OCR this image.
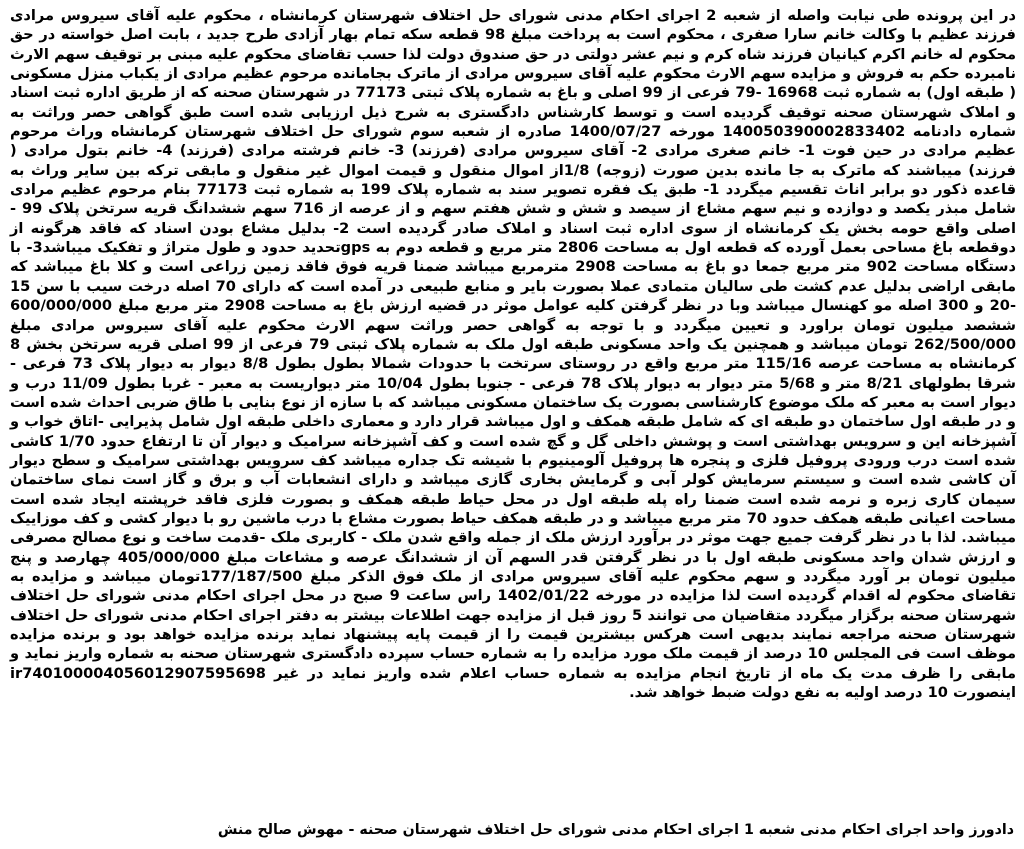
در این پرونده طی نیابت واصله از شعبه 2 اجرای احکام مدنی شورای حل اختلاف شهرستان کرمانشاه ، محکوم علیه آقای سیروس مرادی فرزند عظیم با وکالت خانم سارا صفری ، محکوم است به پرداخت مبلغ 98 قطعه سکه تمام بهار آزادی طرح جدید ، بابت اصل خواسته در حق محکوم له خانم اکرم کیانیان فرزند شاه کرم و نیم عشر دولتی در حق صندوق دولت لذا حسب تقاضای محکوم علیه مبنی بر توقیف سهم الارث نامبرده حکم به فروش و مزایده سهم الارث محکوم علیه آقای سیروس مرادی از ماترک بجامانده مرحوم عظیم مرادی از یکباب منزل مسکونی ( طبقه اول) به شماره ثبت 16968 -79 فرعی از 99 اصلی و باغ به شماره پلاک ثبتی 77173 در شهرستان صحنه که از طریق اداره ثبت اسناد و املاک شهرستان صحنه توقیف گردیده است و توسط کارشناس دادگستری به شرح ذیل ارزیابی شده است طبق گواهی حصر وراثت به شماره دادنامه 140050390002833402 مورخه 1400/07/27 صادره از شعبه سوم شورای حل اختلاف شهرستان کرمانشاه وراث مرحوم عظیم مرادی در حین فوت 1- خانم صغری مرادی 2- آقای سیروس مرادی (فرزند) 3- خانم فرشته مرادی (فرزند) 4- خانم بتول مرادی ( فرزند) میباشند که ماترک به جا مانده بدین صورت (زوجه) 1/8از اموال منقول و قیمت اموال غیر منقول و مابقی ترکه بین سایر وراث به قاعده ذکور دو برابر اناث تقسیم میگردد 1- طبق یک فقره تصویر سند به شماره پلاک 199 به شماره ثبت 77173 بنام مرحوم عظیم مرادی شامل مبذر یکصد و دوازده و نیم سهم مشاع از سیصد و شش و شش هفتم سهم و از عرصه از 716 سهم ششدانگ قریه سرتخن پلاک 99 - اصلی واقع حومه بخش یک کرمانشاه از سوی اداره ثبت اسناد و املاک صادر گردیده است 2- بدلیل مشاع بودن اسناد که فاقد هرگونه از دوقطعه باغ مساحی بعمل آورده که قطعه اول به مساحت 2806 متر مربع و قطعه دوم به gpsتحدید حدود و طول متراژ و تفکیک میباشد3- با دستگاه مساحت 902 متر مربع جمعا دو باغ به مساحت 2908 مترمربع میباشد ضمنا قریه فوق فاقد زمین زراعی است و کلا باغ میباشد که مابقی اراضی بدلیل عدم کشت طی سالیان متمادی عملا بصورت بایر و منابع طبیعی در آمده است که دارای 70 اصله درخت سیب با سن 15 -20 و 300 اصله مو کهنسال میباشد وبا در نظر گرفتن کلیه عوامل موثر در قضیه ارزش باغ به مساحت 2908 متر مربع مبلغ 600/000/000 ششصد میلیون تومان براورد و تعیین میگردد و با توجه به گواهی حصر وراثت سهم الارث محکوم علیه آقای سیروس مرادی مبلغ 262/500/000 تومان میباشد و همچنین یک واحد مسکونی طبقه اول ملک به شماره پلاک ثبتی 79 فرعی از 99 اصلی قریه سرتخن بخش 8 کرمانشاه به مساحت عرصه 115/16 متر مربع واقع در روستای سرتخت با حدودات شمالا بطول بطول 8/8 دیوار به دیوار پلاک 73 فرعی - شرقا بطولهای 8/21 متر و 5/68 متر دیوار به دیوار پلاک 78 فرعی - جنوبا بطول 10/04 متر دیواریست به معبر - غربا بطول 11/09 درب و دیوار است به معبر که ملک موضوع کارشناسی بصورت یک ساختمان مسکونی میباشد که با سازه از نوع بنایی با طاق ضربی احداث شده است و در طبقه اول ساختمان دو طبقه ای که شامل طبقه همکف و اول میباشد قرار دارد و معماری داخلی طبقه اول شامل پذیرایی -اتاق خواب و آشپزخانه این و سرویس بهداشتی است و پوشش داخلی گل و گچ شده است و کف آشپزخانه سرامیک و دیوار آن تا ارتفاع حدود 1/70 کاشی شده است درب ورودی پروفیل فلزی و پنجره ها پروفیل آلومینیوم با شیشه تک جداره میباشد کف سرویس بهداشتی سرامیک و سطح دیوار آن کاشی شده است و سیستم سرمایش کولر آبی و گرمایش بخاری گازی میباشد و دارای انشعابات آب و برق و گاز است نمای ساختمان سیمان کاری زبره و نرمه شده است ضمنا راه پله طبقه اول در محل حیاط طبقه همکف و بصورت فلزی فاقد خرپشته ایجاد شده است مساحت اعیانی طبقه همکف حدود 70 متر مربع میباشد و در طبقه همکف حیاط بصورت مشاع با درب ماشین رو با دیوار کشی و کف موزاییک میباشد. لذا با در نظر گرفت جمیع جهت موثر در برآورد ارزش ملک از جمله واقع شدن ملک - کاربری ملک -قدمت ساخت و نوع مصالح مصرفی و ارزش شدان واحد مسکونی طبقه اول با در نظر گرفتن قدر السهم آن از ششدانگ عرصه و مشاعات مبلغ 405/000/000 چهارصد و پنج میلیون تومان بر آورد میگردد و سهم محکوم علیه آقای سیروس مرادی از ملک فوق الذکر مبلغ 177/187/500تومان میباشد و مزایده به تقاضای محکوم له اقدام گردیده است لذا مزایده در مورخه 1402/01/22 راس ساعت 9 صبح در محل اجرای احکام مدنی شورای حل اختلاف شهرستان صحنه برگزار میگردد متقاضیان می توانند 5 روز قبل از مزایده جهت اطلاعات بیشتر به دفتر اجرای احکام مدنی شورای حل اختلاف شهرستان صحنه مراجعه نمایند بدیهی است هرکس بیشترین قیمت را از قیمت پایه پیشنهاد نماید برنده مزایده خواهد بود و برنده مزایده موظف است فی المجلس 10 درصد از قیمت ملک مورد مزایده را به شماره حساب سپرده دادگستری شهرستان صحنه به شماره واریز نماید و مابقی را ظرف مدت یک ماه از تاریخ انجام مزایده به شماره حساب اعلام شده واریز نماید در غیر ir740100004056012907595698 اینصورت 10 درصد اولیه به نفع دولت ضبط خواهد شد.

دادورز واحد اجرای احکام مدنی شعبه 1 اجرای احکام مدنی شورای حل اختلاف شهرستان صحنه - مهوش صالح منش
